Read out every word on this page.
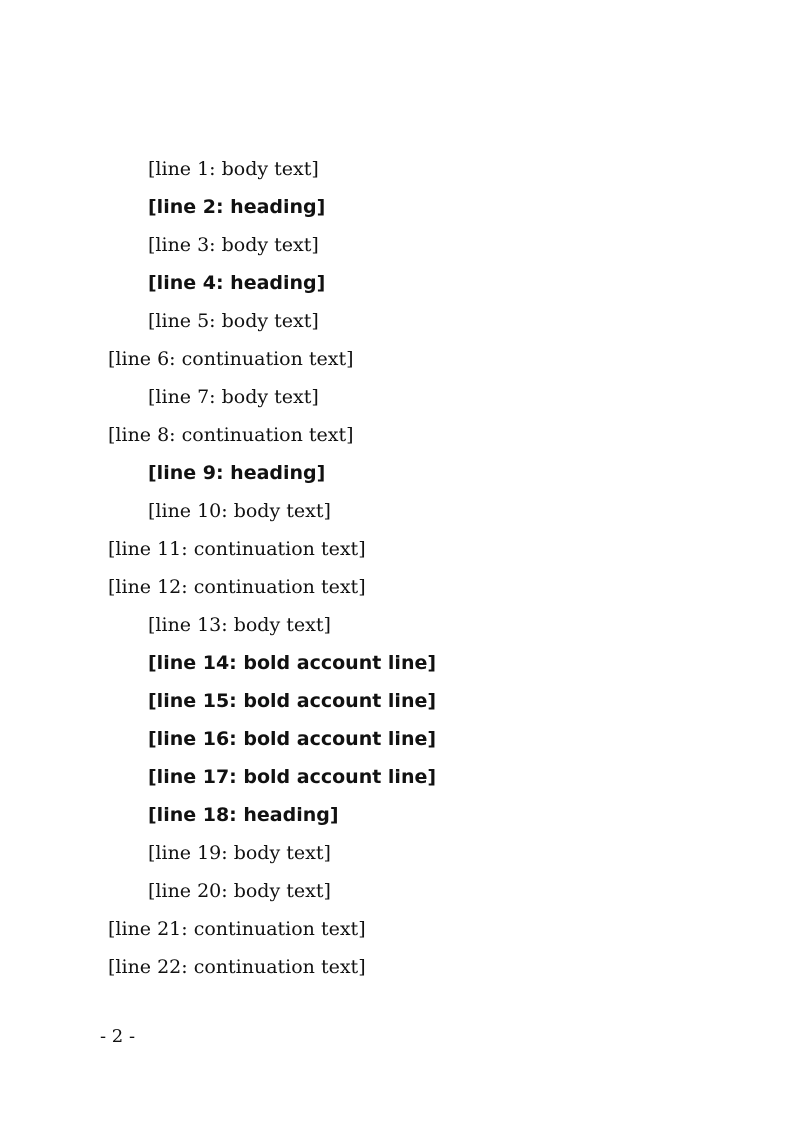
[line 1: body text]
[line 2: heading]
[line 3: body text]
[line 4: heading]
[line 5: body text]
[line 6: continuation text]
[line 7: body text]
[line 8: continuation text]
[line 9: heading]
[line 10: body text]
[line 11: continuation text]
[line 12: continuation text]
[line 13: body text]
[line 14: bold account line]
[line 15: bold account line]
[line 16: bold account line]
[line 17: bold account line]
[line 18: heading]
[line 19: body text]
[line 20: body text]
[line 21: continuation text]
[line 22: continuation text]
- 2 -
